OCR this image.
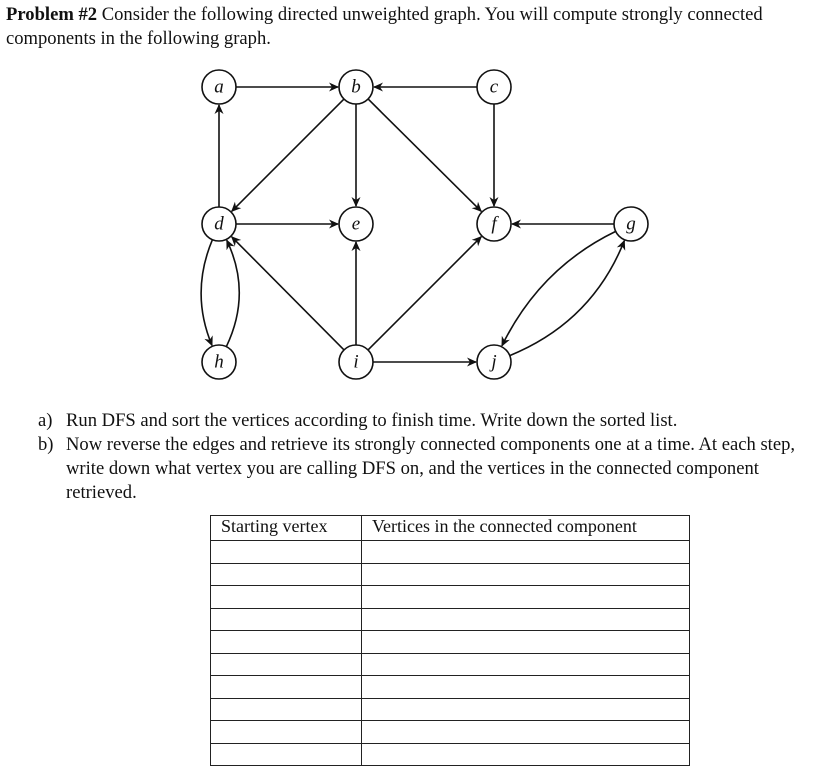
Problem #2 Consider the following directed unweighted graph. You will compute strongly connected components in the following graph.

a	b	c
d	e	f	g
h	i	j
a) Run DFS and sort the vertices according to finish time. Write down the sorted list.
b) Now reverse the edges and retrieve its strongly connected components one at a time. At each step, write down what vertex you are calling DFS on, and the vertices in the connected component retrieved.
Starting vertex	Vertices in the connected component
